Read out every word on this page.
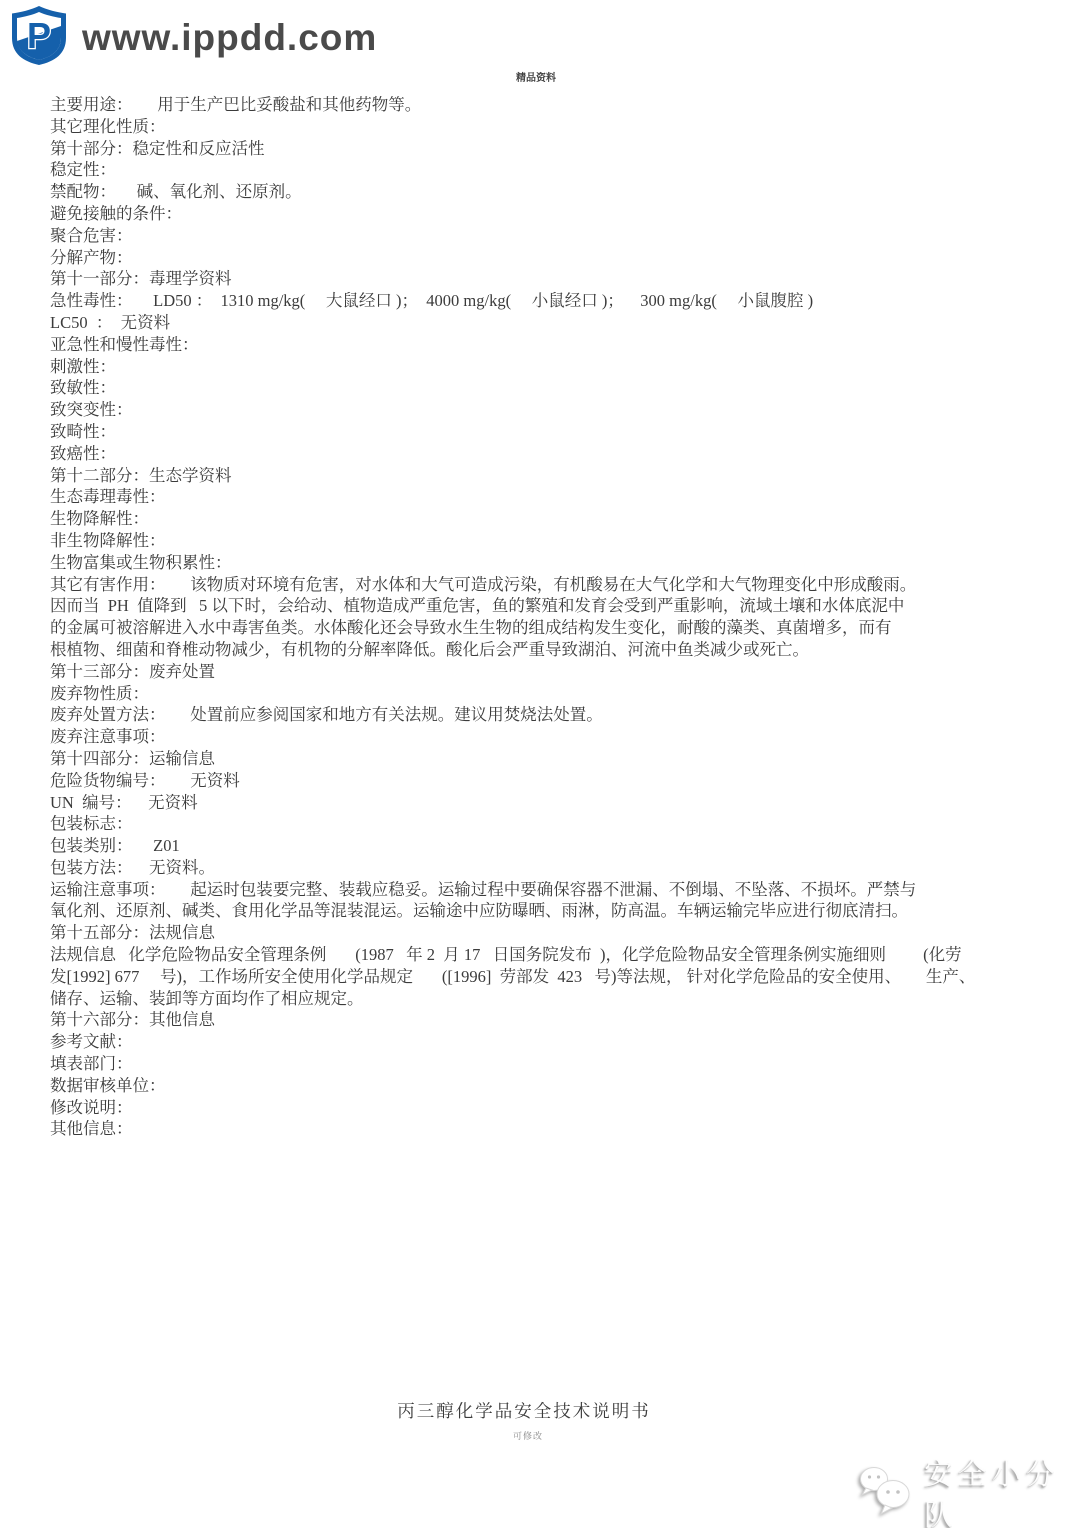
P www.ippdd.com
精品资料
主要用途：      用于生产巴比妥酸盐和其他药物等。
其它理化性质：
第十部分：稳定性和反应活性
稳定性：
禁配物：     碱、氧化剂、还原剂。
避免接触的条件：
聚合危害：
分解产物：
第十一部分：毒理学资料
急性毒性：     LD50 ：  1310 mg/kg(     大鼠经口 )；  4000 mg/kg(     小鼠经口 )；    300 mg/kg(     小鼠腹腔 )
LC50  ：  无资料
亚急性和慢性毒性：
刺激性：
致敏性：
致突变性：
致畸性：
致癌性：
第十二部分：生态学资料
生态毒理毒性：
生物降解性：
非生物降解性：
生物富集或生物积累性：
其它有害作用：      该物质对环境有危害，对水体和大气可造成污染，有机酸易在大气化学和大气物理变化中形成酸雨。
因而当  PH  值降到   5 以下时，会给动、植物造成严重危害，鱼的繁殖和发育会受到严重影响，流域土壤和水体底泥中
的金属可被溶解进入水中毒害鱼类。水体酸化还会导致水生生物的组成结构发生变化，耐酸的藻类、真菌增多，而有
根植物、细菌和脊椎动物减少，有机物的分解率降低。酸化后会严重导致湖泊、河流中鱼类减少或死亡。
第十三部分：废弃处置
废弃物性质：
废弃处置方法：      处置前应参阅国家和地方有关法规。建议用焚烧法处置。
废弃注意事项：
第十四部分：运输信息
危险货物编号：      无资料
UN  编号：    无资料
包装标志：
包装类别：     Z01
包装方法：    无资料。
运输注意事项：      起运时包装要完整、装载应稳妥。运输过程中要确保容器不泄漏、不倒塌、不坠落、不损坏。严禁与
氧化剂、还原剂、碱类、食用化学品等混装混运。运输途中应防曝晒、雨淋，防高温。车辆运输完毕应进行彻底清扫。
第十五部分：法规信息
法规信息   化学危险物品安全管理条例       (1987   年 2  月 17   日国务院发布  )，化学危险物品安全管理条例实施细则         (化劳
发[1992] 677     号)，工作场所安全使用化学品规定       ([1996]  劳部发  423   号)等法规， 针对化学危险品的安全使用、      生产、
储存、运输、装卸等方面均作了相应规定。
第十六部分：其他信息
参考文献：
填表部门：
数据审核单位：
修改说明：
其他信息：
丙三醇化学品安全技术说明书
可修改
安全小分队
